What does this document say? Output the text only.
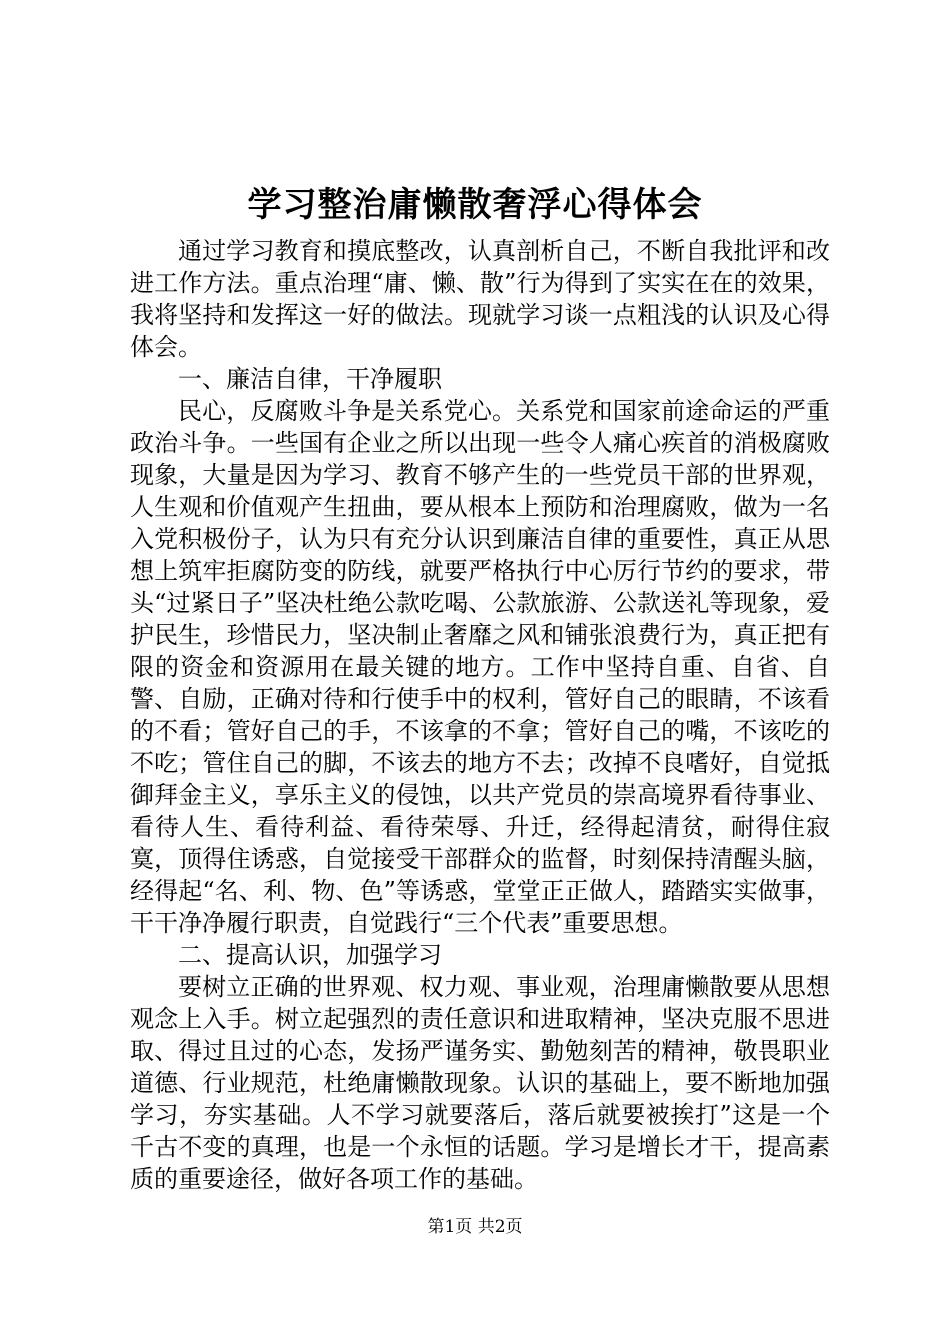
学习整治庸懒散奢浮心得体会

通过学习教育和摸底整改，认真剖析自己，不断自我批评和改进工作方法。重点治理“庸、懒、散”行为得到了实实在在的效果，我将坚持和发挥这一好的做法。现就学习谈一点粗浅的认识及心得体会。

一、廉洁自律，干净履职

民心，反腐败斗争是关系党心。关系党和国家前途命运的严重政治斗争。一些国有企业之所以出现一些令人痛心疾首的消极腐败现象，大量是因为学习、教育不够产生的一些党员干部的世界观，人生观和价值观产生扭曲，要从根本上预防和治理腐败，做为一名入党积极份子，认为只有充分认识到廉洁自律的重要性，真正从思想上筑牢拒腐防变的防线，就要严格执行中心厉行节约的要求，带头“过紧日子”坚决杜绝公款吃喝、公款旅游、公款送礼等现象，爱护民生，珍惜民力，坚决制止奢靡之风和铺张浪费行为，真正把有限的资金和资源用在最关键的地方。工作中坚持自重、自省、自警、自励，正确对待和行使手中的权利，管好自己的眼睛，不该看的不看；管好自己的手，不该拿的不拿；管好自己的嘴，不该吃的不吃；管住自己的脚，不该去的地方不去；改掉不良嗜好，自觉抵御拜金主义，享乐主义的侵蚀，以共产党员的崇高境界看待事业、看待人生、看待利益、看待荣辱、升迁，经得起清贫，耐得住寂寞，顶得住诱惑，自觉接受干部群众的监督，时刻保持清醒头脑，经得起“名、利、物、色”等诱惑，堂堂正正做人，踏踏实实做事，干干净净履行职责，自觉践行“三个代表”重要思想。

二、提高认识，加强学习

要树立正确的世界观、权力观、事业观，治理庸懒散要从思想观念上入手。树立起强烈的责任意识和进取精神，坚决克服不思进取、得过且过的心态，发扬严谨务实、勤勉刻苦的精神，敬畏职业道德、行业规范，杜绝庸懒散现象。认识的基础上，要不断地加强学习，夯实基础。人不学习就要落后，落后就要被挨打”这是一个千古不变的真理，也是一个永恒的话题。学习是增长才干，提高素质的重要途径，做好各项工作的基础。

第1页 共2页
